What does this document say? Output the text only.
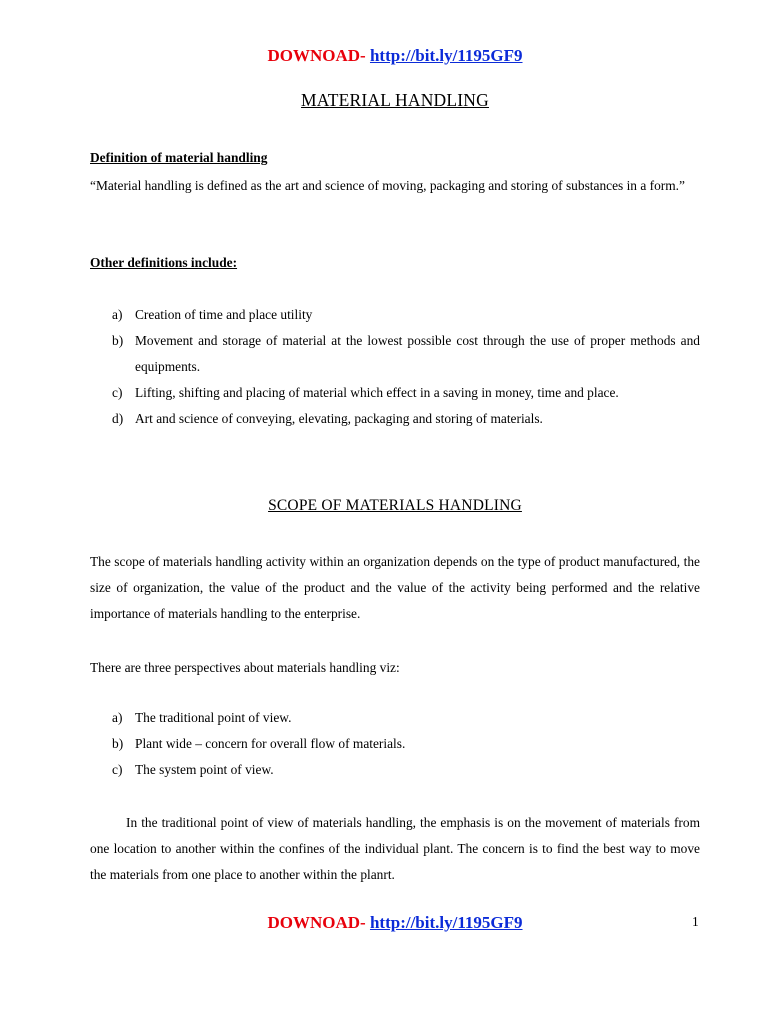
DOWNOAD- http://bit.ly/1195GF9
MATERIAL HANDLING
Definition of material handling
“Material handling is defined as the art and science of moving, packaging and storing of substances in a form.”
Other definitions include:
a) Creation of time and place utility
b) Movement and storage of material at the lowest possible cost through the use of proper methods and equipments.
c) Lifting, shifting and placing of material which effect in a saving in money, time and place.
d) Art and science of conveying, elevating, packaging and storing of materials.
SCOPE OF MATERIALS HANDLING
The scope of materials handling activity within an organization depends on the type of product manufactured, the size of organization, the value of the product and the value of the activity being performed and the relative importance of materials handling to the enterprise.
There are three perspectives about materials handling viz:
a) The traditional point of view.
b) Plant wide – concern for overall flow of materials.
c) The system point of view.
In the traditional point of view of materials handling, the emphasis is on the movement of materials from one location to another within the confines of the individual plant. The concern is to find the best way to move the materials from one place to another within the planrt.
DOWNOAD- http://bit.ly/1195GF9	1
